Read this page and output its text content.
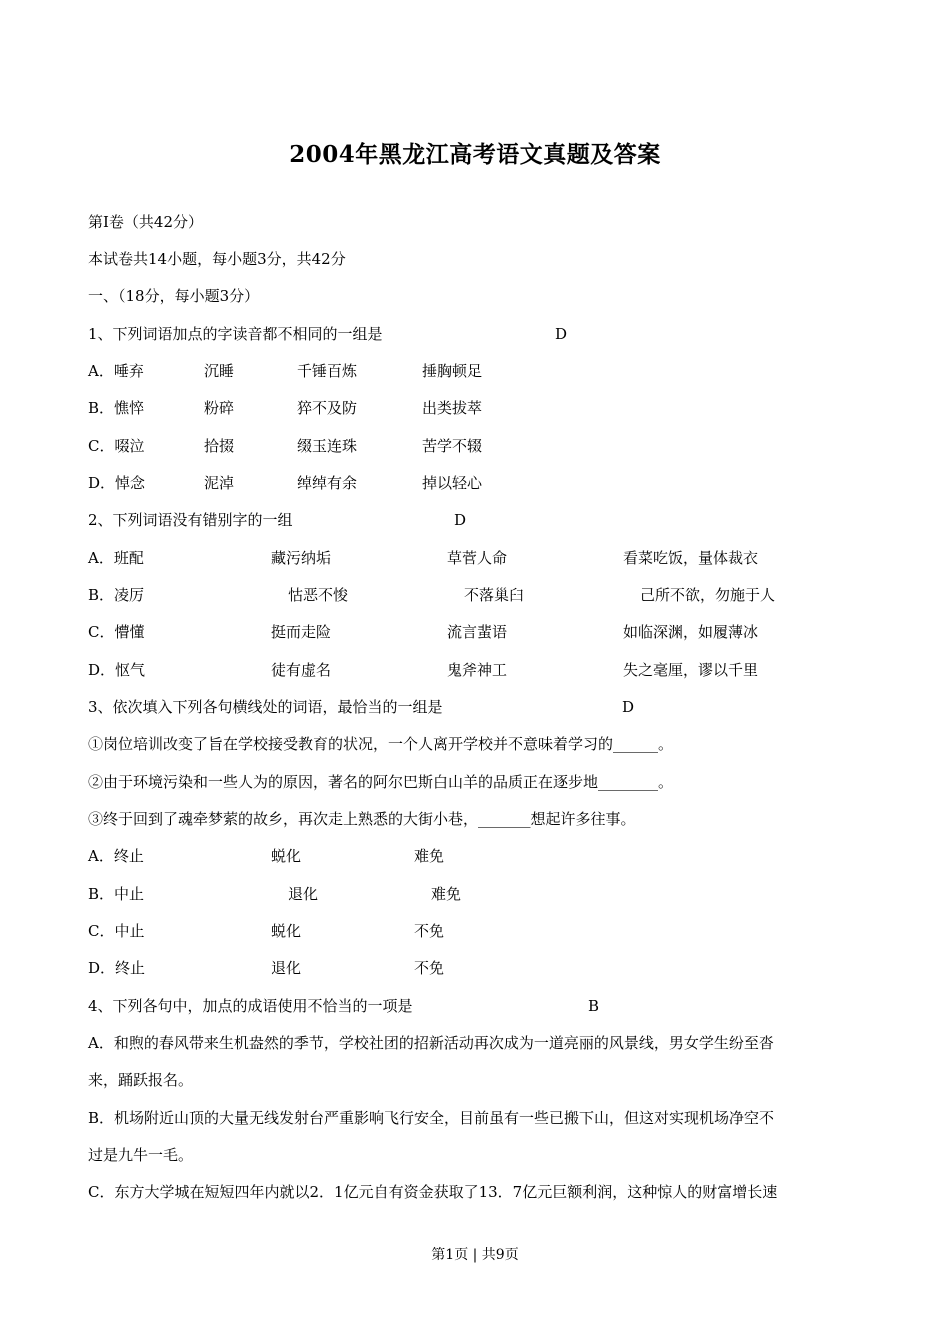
2004年黑龙江高考语文真题及答案
第Ⅰ卷（共42分）
本试卷共14小题，每小题3分，共42分
一、（18分，每小题3分）
1、下列词语加点的字读音都不相同的一组是	D
A．唾弃	沉睡	千锤百炼	捶胸顿足
B．憔悴	粉碎	猝不及防	出类拔萃
C．啜泣	拾掇	缀玉连珠	苦学不辍
D．悼念	泥淖	绰绰有余	掉以轻心
2、下列词语没有错别字的一组	D
A．班配	藏污纳垢	草菅人命	看菜吃饭，量体裁衣
B．凌厉	怙恶不悛	不落巢臼	己所不欲，勿施于人
C．懵懂	挺而走险	流言蜚语	如临深渊，如履薄冰
D．怄气	徒有虚名	鬼斧神工	失之毫厘，谬以千里
3、依次填入下列各句横线处的词语，最恰当的一组是	D
①岗位培训改变了旨在学校接受教育的状况，一个人离开学校并不意味着学习的______。
②由于环境污染和一些人为的原因，著名的阿尔巴斯白山羊的品质正在逐步地________。
③终于回到了魂牵梦萦的故乡，再次走上熟悉的大街小巷，_______想起许多往事。
A．终止	蜕化	难免
B．中止	退化	难免
C．中止	蜕化	不免
D．终止	退化	不免
4、下列各句中，加点的成语使用不恰当的一项是	B
A．和煦的春风带来生机盎然的季节，学校社团的招新活动再次成为一道亮丽的风景线，男女学生纷至沓
来，踊跃报名。
B．机场附近山顶的大量无线发射台严重影响飞行安全，目前虽有一些已搬下山，但这对实现机场净空不
过是九牛一毛。
C．东方大学城在短短四年内就以2．1亿元自有资金获取了13．7亿元巨额利润，这种惊人的财富增长速
第1页 | 共9页
